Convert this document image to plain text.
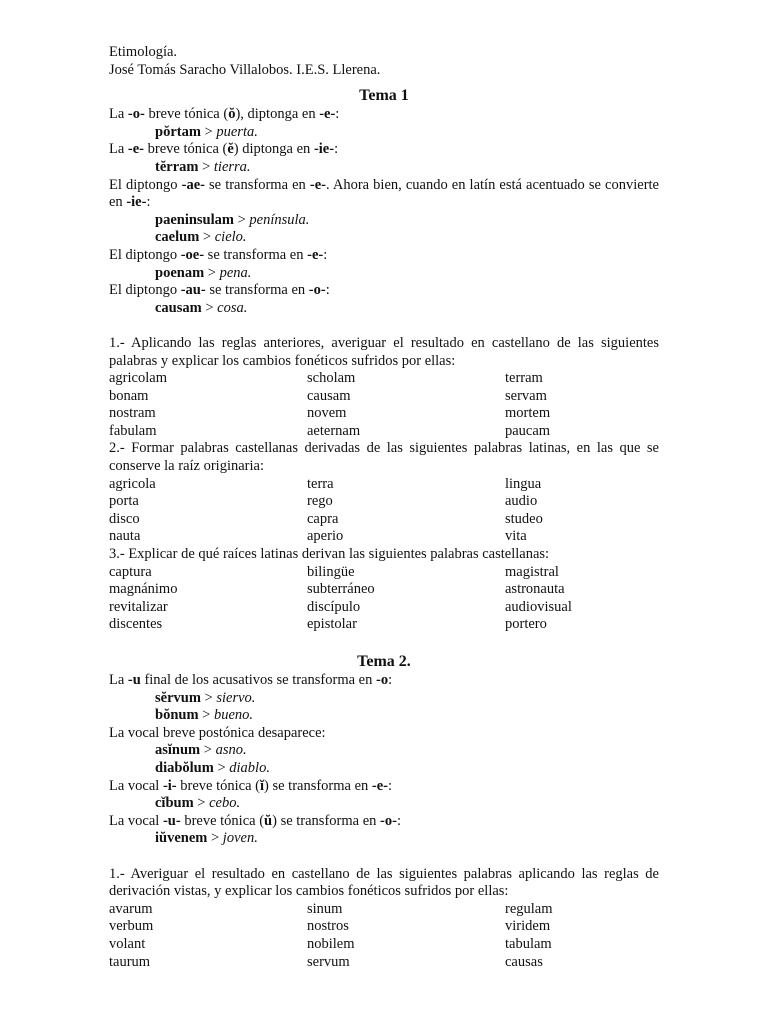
Etimología.
José Tomás Saracho Villalobos. I.E.S. Llerena.
Tema 1
La -o- breve tónica (ŏ), diptonga en -e-:
pŏrtam > puerta.
La -e- breve tónica (ĕ) diptonga en -ie-:
tĕrram > tierra.
El diptongo -ae- se transforma en -e-. Ahora bien, cuando en latín está acentuado se convierte en -ie-:
paeninsulam > península.
caelum > cielo.
El diptongo -oe- se transforma en -e-:
poenam > pena.
El diptongo -au- se transforma en -o-:
causam > cosa.
1.- Aplicando las reglas anteriores, averiguar el resultado en castellano de las siguientes palabras y explicar los cambios fonéticos sufridos por ellas:
agricolam	scholam	terram
bonam	causam	servam
nostram	novem	mortem
fabulam	aeternam	paucam
2.- Formar palabras castellanas derivadas de las siguientes palabras latinas, en las que se conserve la raíz originaria:
agricola	terra	lingua
porta	rego	audio
disco	capra	studeo
nauta	aperio	vita
3.- Explicar de qué raíces latinas derivan las siguientes palabras castellanas:
captura	bilingüe	magistral
magnánimo	subterráneo	astronauta
revitalizar	discípulo	audiovisual
discentes	epistolar	portero
Tema 2.
La -u final de los acusativos se transforma en -o:
sĕrvum > siervo.
bŏnum > bueno.
La vocal breve postónica desaparece:
asĭnum > asno.
diabŏlum > diablo.
La vocal -i- breve tónica (ĭ) se transforma en -e-:
cĭbum > cebo.
La vocal -u- breve tónica (ŭ) se transforma en -o-:
iŭvenem > joven.
1.- Averiguar el resultado en castellano de las siguientes palabras aplicando las reglas de derivación vistas, y explicar los cambios fonéticos sufridos por ellas:
avarum	sinum	regulam
verbum	nostros	viridem
volant	nobilem	tabulam
taurum	servum	causas
